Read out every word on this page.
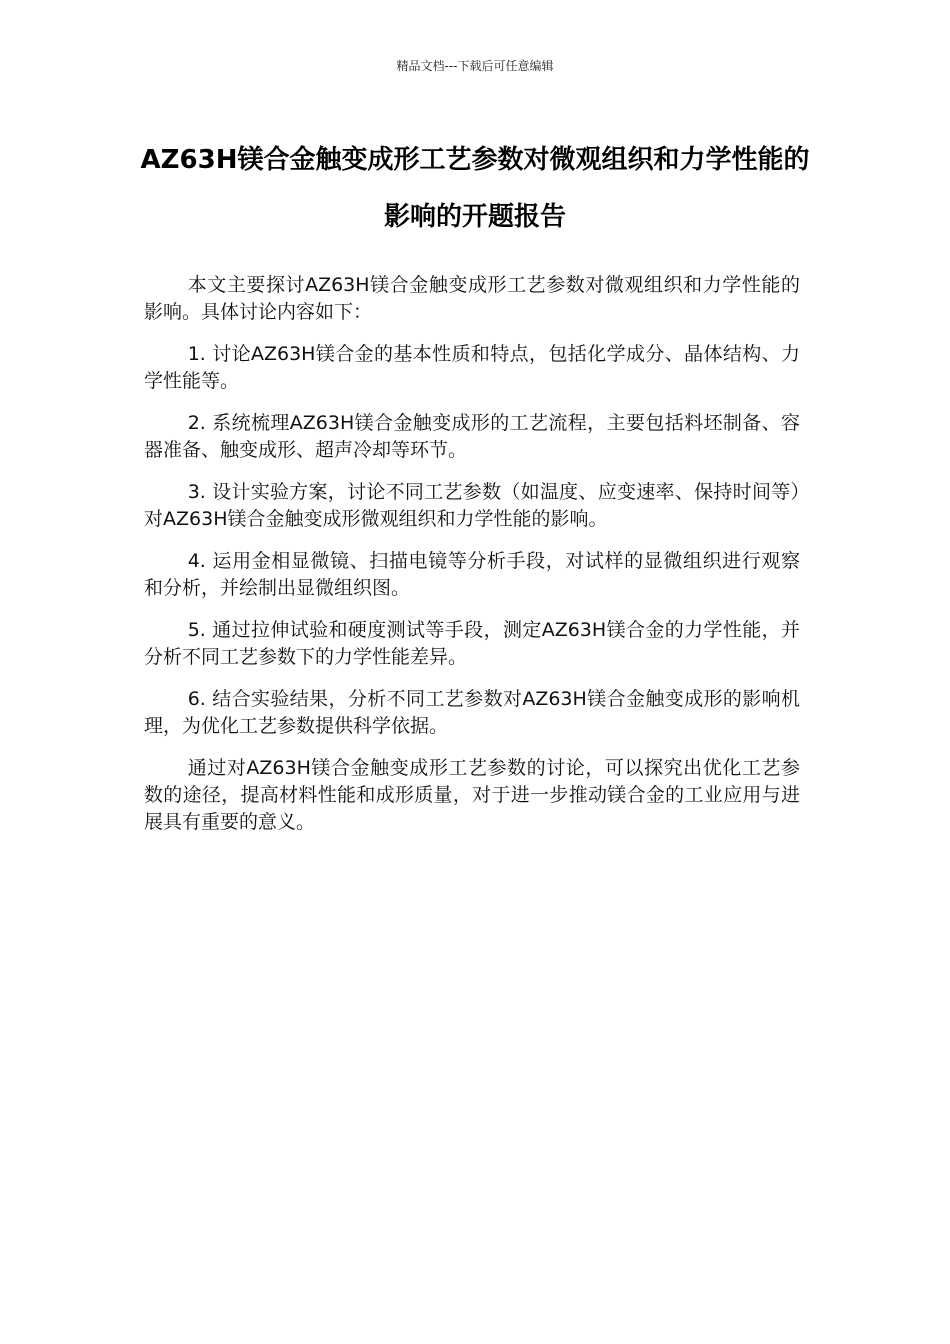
精品文档---下载后可任意编辑
AZ63H镁合金触变成形工艺参数对微观组织和力学性能的影响的开题报告

本文主要探讨AZ63H镁合金触变成形工艺参数对微观组织和力学性能的影响。具体讨论内容如下：

1. 讨论AZ63H镁合金的基本性质和特点，包括化学成分、晶体结构、力学性能等。

2. 系统梳理AZ63H镁合金触变成形的工艺流程，主要包括料坯制备、容器准备、触变成形、超声冷却等环节。

3. 设计实验方案，讨论不同工艺参数（如温度、应变速率、保持时间等）对AZ63H镁合金触变成形微观组织和力学性能的影响。

4. 运用金相显微镜、扫描电镜等分析手段，对试样的显微组织进行观察和分析，并绘制出显微组织图。

5. 通过拉伸试验和硬度测试等手段，测定AZ63H镁合金的力学性能，并分析不同工艺参数下的力学性能差异。

6. 结合实验结果，分析不同工艺参数对AZ63H镁合金触变成形的影响机理，为优化工艺参数提供科学依据。

通过对AZ63H镁合金触变成形工艺参数的讨论，可以探究出优化工艺参数的途径，提高材料性能和成形质量，对于进一步推动镁合金的工业应用与进展具有重要的意义。
